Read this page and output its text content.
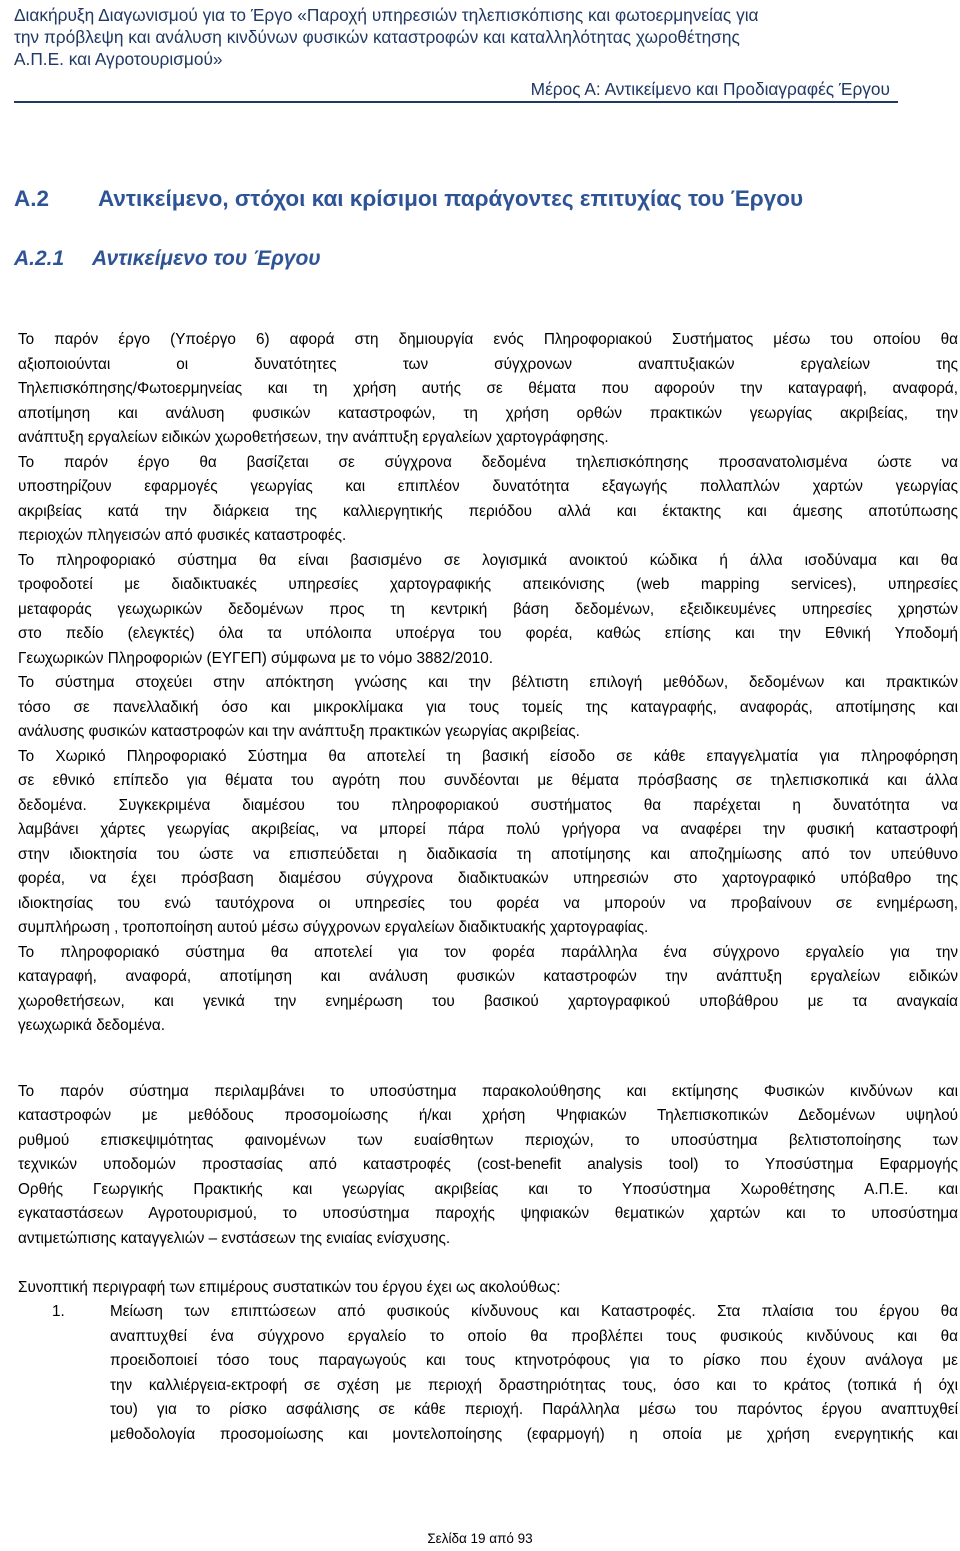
Διακήρυξη Διαγωνισμού για το Έργο «Παροχή υπηρεσιών τηλεπισκόπισης και φωτοερμηνείας για
την πρόβλεψη και ανάλυση κινδύνων φυσικών καταστροφών και καταλληλότητας χωροθέτησης
Α.Π.Ε. και Αγροτουρισμού»
Μέρος Α: Αντικείμενο και Προδιαγραφές Έργου
Α.2 Αντικείμενο, στόχοι και κρίσιμοι παράγοντες επιτυχίας του Έργου
Α.2.1 Αντικείμενο του Έργου
Το παρόν έργο (Υποέργο 6) αφορά στη δημιουργία ενός Πληροφοριακού Συστήματος μέσω του οποίου θα
αξιοποιούνται οι δυνατότητες των σύγχρονων αναπτυξιακών εργαλείων της
Τηλεπισκόπησης/Φωτοερμηνείας και τη χρήση αυτής σε θέματα που αφορούν την καταγραφή, αναφορά,
αποτίμηση και ανάλυση φυσικών καταστροφών, τη χρήση ορθών πρακτικών γεωργίας ακριβείας, την
ανάπτυξη εργαλείων ειδικών χωροθετήσεων, την ανάπτυξη εργαλείων χαρτογράφησης.
Το παρόν έργο θα βασίζεται σε σύγχρονα δεδομένα τηλεπισκόπησης προσανατολισμένα ώστε να
υποστηρίζουν εφαρμογές γεωργίας και επιπλέον δυνατότητα εξαγωγής πολλαπλών χαρτών γεωργίας
ακριβείας κατά την διάρκεια της καλλιεργητικής περιόδου αλλά και έκτακτης και άμεσης αποτύπωσης
περιοχών πληγεισών από φυσικές καταστροφές.
Το πληροφοριακό σύστημα θα είναι βασισμένο σε λογισμικά ανοικτού κώδικα ή άλλα ισοδύναμα και θα
τροφοδοτεί με διαδικτυακές υπηρεσίες χαρτογραφικής απεικόνισης (web mapping services), υπηρεσίες
μεταφοράς γεωχωρικών δεδομένων προς τη κεντρική βάση δεδομένων, εξειδικευμένες υπηρεσίες χρηστών
στο πεδίο (ελεγκτές) όλα τα υπόλοιπα υποέργα του φορέα, καθώς επίσης και την Εθνική Υποδομή
Γεωχωρικών Πληροφοριών (ΕΥΓΕΠ) σύμφωνα με το νόμο 3882/2010.
Το σύστημα στοχεύει στην απόκτηση γνώσης και την βέλτιστη επιλογή μεθόδων, δεδομένων και πρακτικών
τόσο σε πανελλαδική όσο και μικροκλίμακα για τους τομείς της καταγραφής, αναφοράς, αποτίμησης και
ανάλυσης φυσικών καταστροφών και την ανάπτυξη πρακτικών γεωργίας ακριβείας.
Το Χωρικό Πληροφοριακό Σύστημα θα αποτελεί τη βασική είσοδο σε κάθε επαγγελματία για πληροφόρηση
σε εθνικό επίπεδο για θέματα του αγρότη που συνδέονται με θέματα πρόσβασης σε τηλεπισκοπικά και άλλα
δεδομένα. Συγκεκριμένα διαμέσου του πληροφοριακού συστήματος θα παρέχεται η δυνατότητα να
λαμβάνει χάρτες γεωργίας ακριβείας, να μπορεί πάρα πολύ γρήγορα να αναφέρει την φυσική καταστροφή
στην ιδιοκτησία του ώστε να επισπεύδεται η διαδικασία τη αποτίμησης και αποζημίωσης από τον υπεύθυνο
φορέα, να έχει πρόσβαση διαμέσου σύγχρονα διαδικτυακών υπηρεσιών στο χαρτογραφικό υπόβαθρο της
ιδιοκτησίας του ενώ ταυτόχρονα οι υπηρεσίες του φορέα να μπορούν να προβαίνουν σε ενημέρωση,
συμπλήρωση , τροποποίηση αυτού μέσω σύγχρονων εργαλείων διαδικτυακής χαρτογραφίας.
Το πληροφοριακό σύστημα θα αποτελεί για τον φορέα παράλληλα ένα σύγχρονο εργαλείο για την
καταγραφή, αναφορά, αποτίμηση και ανάλυση φυσικών καταστροφών την ανάπτυξη εργαλείων ειδικών
χωροθετήσεων, και γενικά την ενημέρωση του βασικού χαρτογραφικού υποβάθρου με τα αναγκαία
γεωχωρικά δεδομένα.
Το παρόν σύστημα περιλαμβάνει το υποσύστημα παρακολούθησης και εκτίμησης Φυσικών κινδύνων και
καταστροφών με μεθόδους προσομοίωσης ή/και χρήση Ψηφιακών Τηλεπισκοπικών Δεδομένων υψηλού
ρυθμού επισκεψιμότητας φαινομένων των ευαίσθητων περιοχών, το υποσύστημα βελτιστοποίησης των
τεχνικών υποδομών προστασίας από καταστροφές (cost-benefit analysis tool) το Υποσύστημα Εφαρμογής
Ορθής Γεωργικής Πρακτικής και γεωργίας ακριβείας και το Υποσύστημα Χωροθέτησης Α.Π.Ε. και
εγκαταστάσεων Αγροτουρισμού, το υποσύστημα παροχής ψηφιακών θεματικών χαρτών και το υποσύστημα
αντιμετώπισης καταγγελιών – ενστάσεων της ενιαίας ενίσχυσης.
Συνοπτική περιγραφή των επιμέρους συστατικών του έργου έχει ως ακολούθως:
1.	Μείωση των επιπτώσεων από φυσικούς κίνδυνους και Καταστροφές. Στα πλαίσια του έργου θα
αναπτυχθεί ένα σύγχρονο εργαλείο το οποίο θα προβλέπει τους φυσικούς κινδύνους και θα
προειδοποιεί τόσο τους παραγωγούς και τους κτηνοτρόφους για το ρίσκο που έχουν ανάλογα με
την καλλιέργεια-εκτροφή σε σχέση με περιοχή δραστηριότητας τους, όσο και το κράτος (τοπικά ή όχι
του) για το ρίσκο ασφάλισης σε κάθε περιοχή. Παράλληλα μέσω του παρόντος έργου αναπτυχθεί
μεθοδολογία προσομοίωσης και μοντελοποίησης (εφαρμογή) η οποία με χρήση ενεργητικής και
Σελίδα 19 από 93
